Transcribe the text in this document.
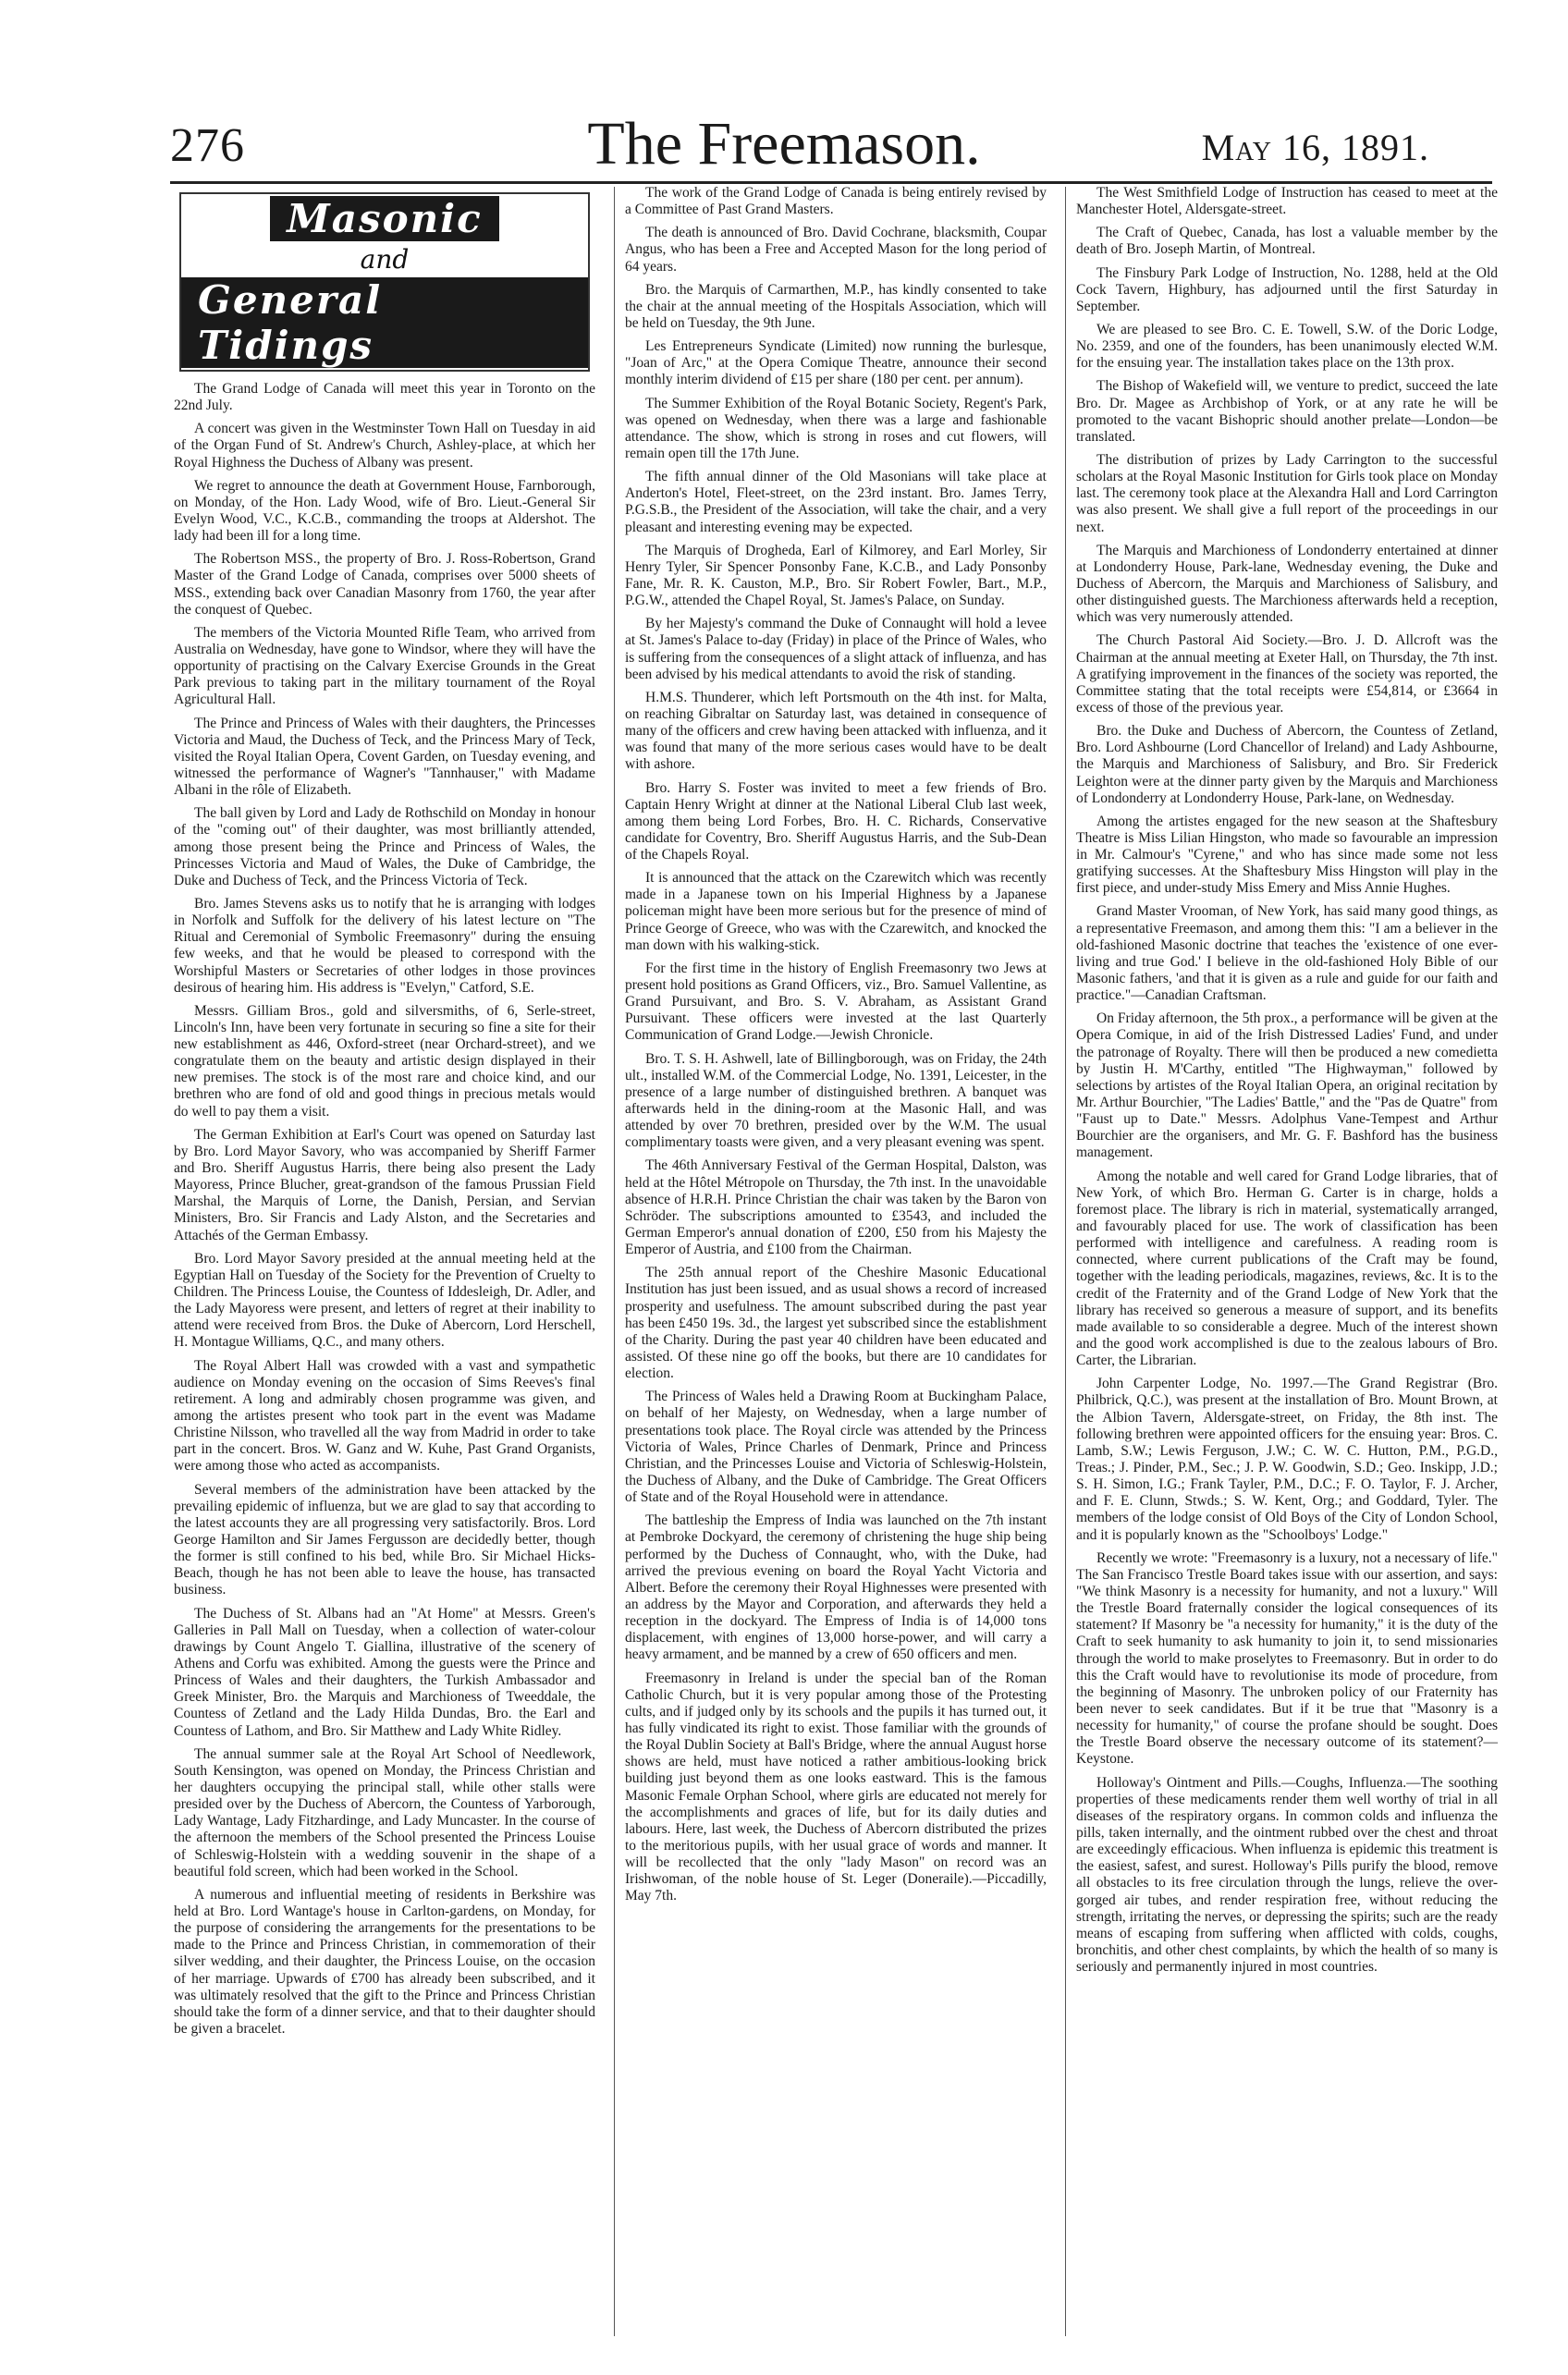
276	The Freemason.	May 16, 1891.
Masonic
and
General Tidings

The Grand Lodge of Canada will meet this year in Toronto on the 22nd July.

A concert was given in the Westminster Town Hall on Tuesday in aid of the Organ Fund of St. Andrew's Church, Ashley-place, at which her Royal Highness the Duchess of Albany was present.

We regret to announce the death at Government House, Farnborough, on Monday, of the Hon. Lady Wood, wife of Bro. Lieut.-General Sir Evelyn Wood, V.C., K.C.B., commanding the troops at Aldershot. The lady had been ill for a long time.

The Robertson MSS., the property of Bro. J. Ross-Robertson, Grand Master of the Grand Lodge of Canada, comprises over 5000 sheets of MSS., extending back over Canadian Masonry from 1760, the year after the conquest of Quebec.

The members of the Victoria Mounted Rifle Team, who arrived from Australia on Wednesday, have gone to Windsor, where they will have the opportunity of practising on the Calvary Exercise Grounds in the Great Park previous to taking part in the military tournament of the Royal Agricultural Hall.

The Prince and Princess of Wales with their daughters, the Princesses Victoria and Maud, the Duchess of Teck, and the Princess Mary of Teck, visited the Royal Italian Opera, Covent Garden, on Tuesday evening, and witnessed the performance of Wagner's "Tannhauser," with Madame Albani in the rôle of Elizabeth.

The ball given by Lord and Lady de Rothschild on Monday in honour of the "coming out" of their daughter, was most brilliantly attended, among those present being the Prince and Princess of Wales, the Princesses Victoria and Maud of Wales, the Duke of Cambridge, the Duke and Duchess of Teck, and the Princess Victoria of Teck.

Bro. James Stevens asks us to notify that he is arranging with lodges in Norfolk and Suffolk for the delivery of his latest lecture on "The Ritual and Ceremonial of Symbolic Freemasonry" during the ensuing few weeks, and that he would be pleased to correspond with the Worshipful Masters or Secretaries of other lodges in those provinces desirous of hearing him. His address is "Evelyn," Catford, S.E.

Messrs. Gilliam Bros., gold and silversmiths, of 6, Serle-street, Lincoln's Inn, have been very fortunate in securing so fine a site for their new establishment as 446, Oxford-street (near Orchard-street), and we congratulate them on the beauty and artistic design displayed in their new premises. The stock is of the most rare and choice kind, and our brethren who are fond of old and good things in precious metals would do well to pay them a visit.

The German Exhibition at Earl's Court was opened on Saturday last by Bro. Lord Mayor Savory, who was accompanied by Sheriff Farmer and Bro. Sheriff Augustus Harris, there being also present the Lady Mayoress, Prince Blucher, great-grandson of the famous Prussian Field Marshal, the Marquis of Lorne, the Danish, Persian, and Servian Ministers, Bro. Sir Francis and Lady Alston, and the Secretaries and Attachés of the German Embassy.

Bro. Lord Mayor Savory presided at the annual meeting held at the Egyptian Hall on Tuesday of the Society for the Prevention of Cruelty to Children. The Princess Louise, the Countess of Iddesleigh, Dr. Adler, and the Lady Mayoress were present, and letters of regret at their inability to attend were received from Bros. the Duke of Abercorn, Lord Herschell, H. Montague Williams, Q.C., and many others.

The Royal Albert Hall was crowded with a vast and sympathetic audience on Monday evening on the occasion of Sims Reeves's final retirement. A long and admirably chosen programme was given, and among the artistes present who took part in the event was Madame Christine Nilsson, who travelled all the way from Madrid in order to take part in the concert. Bros. W. Ganz and W. Kuhe, Past Grand Organists, were among those who acted as accompanists.

Several members of the administration have been attacked by the prevailing epidemic of influenza, but we are glad to say that according to the latest accounts they are all progressing very satisfactorily. Bros. Lord George Hamilton and Sir James Fergusson are decidedly better, though the former is still confined to his bed, while Bro. Sir Michael Hicks-Beach, though he has not been able to leave the house, has transacted business.

The Duchess of St. Albans had an "At Home" at Messrs. Green's Galleries in Pall Mall on Tuesday, when a collection of water-colour drawings by Count Angelo T. Giallina, illustrative of the scenery of Athens and Corfu was exhibited. Among the guests were the Prince and Princess of Wales and their daughters, the Turkish Ambassador and Greek Minister, Bro. the Marquis and Marchioness of Tweeddale, the Countess of Zetland and the Lady Hilda Dundas, Bro. the Earl and Countess of Lathom, and Bro. Sir Matthew and Lady White Ridley.

The annual summer sale at the Royal Art School of Needlework, South Kensington, was opened on Monday, the Princess Christian and her daughters occupying the principal stall, while other stalls were presided over by the Duchess of Abercorn, the Countess of Yarborough, Lady Wantage, Lady Fitzhardinge, and Lady Muncaster. In the course of the afternoon the members of the School presented the Princess Louise of Schleswig-Holstein with a wedding souvenir in the shape of a beautiful fold screen, which had been worked in the School.

A numerous and influential meeting of residents in Berkshire was held at Bro. Lord Wantage's house in Carlton-gardens, on Monday, for the purpose of considering the arrangements for the presentations to be made to the Prince and Princess Christian, in commemoration of their silver wedding, and their daughter, the Princess Louise, on the occasion of her marriage. Upwards of £700 has already been subscribed, and it was ultimately resolved that the gift to the Prince and Princess Christian should take the form of a dinner service, and that to their daughter should be given a bracelet.

The work of the Grand Lodge of Canada is being entirely revised by a Committee of Past Grand Masters.

The death is announced of Bro. David Cochrane, blacksmith, Coupar Angus, who has been a Free and Accepted Mason for the long period of 64 years.

Bro. the Marquis of Carmarthen, M.P., has kindly consented to take the chair at the annual meeting of the Hospitals Association, which will be held on Tuesday, the 9th June.

Les Entrepreneurs Syndicate (Limited) now running the burlesque, "Joan of Arc," at the Opera Comique Theatre, announce their second monthly interim dividend of £15 per share (180 per cent. per annum).

The Summer Exhibition of the Royal Botanic Society, Regent's Park, was opened on Wednesday, when there was a large and fashionable attendance. The show, which is strong in roses and cut flowers, will remain open till the 17th June.

The fifth annual dinner of the Old Masonians will take place at Anderton's Hotel, Fleet-street, on the 23rd instant. Bro. James Terry, P.G.S.B., the President of the Association, will take the chair, and a very pleasant and interesting evening may be expected.

The Marquis of Drogheda, Earl of Kilmorey, and Earl Morley, Sir Henry Tyler, Sir Spencer Ponsonby Fane, K.C.B., and Lady Ponsonby Fane, Mr. R. K. Causton, M.P., Bro. Sir Robert Fowler, Bart., M.P., P.G.W., attended the Chapel Royal, St. James's Palace, on Sunday.

By her Majesty's command the Duke of Connaught will hold a levee at St. James's Palace to-day (Friday) in place of the Prince of Wales, who is suffering from the consequences of a slight attack of influenza, and has been advised by his medical attendants to avoid the risk of standing.

H.M.S. Thunderer, which left Portsmouth on the 4th inst. for Malta, on reaching Gibraltar on Saturday last, was detained in consequence of many of the officers and crew having been attacked with influenza, and it was found that many of the more serious cases would have to be dealt with ashore.

Bro. Harry S. Foster was invited to meet a few friends of Bro. Captain Henry Wright at dinner at the National Liberal Club last week, among them being Lord Forbes, Bro. H. C. Richards, Conservative candidate for Coventry, Bro. Sheriff Augustus Harris, and the Sub-Dean of the Chapels Royal.

It is announced that the attack on the Czarewitch which was recently made in a Japanese town on his Imperial Highness by a Japanese policeman might have been more serious but for the presence of mind of Prince George of Greece, who was with the Czarewitch, and knocked the man down with his walking-stick.

For the first time in the history of English Freemasonry two Jews at present hold positions as Grand Officers, viz., Bro. Samuel Vallentine, as Grand Pursuivant, and Bro. S. V. Abraham, as Assistant Grand Pursuivant. These officers were invested at the last Quarterly Communication of Grand Lodge.—Jewish Chronicle.

Bro. T. S. H. Ashwell, late of Billingborough, was on Friday, the 24th ult., installed W.M. of the Commercial Lodge, No. 1391, Leicester, in the presence of a large number of distinguished brethren. A banquet was afterwards held in the dining-room at the Masonic Hall, and was attended by over 70 brethren, presided over by the W.M. The usual complimentary toasts were given, and a very pleasant evening was spent.

The 46th Anniversary Festival of the German Hospital, Dalston, was held at the Hôtel Métropole on Thursday, the 7th inst. In the unavoidable absence of H.R.H. Prince Christian the chair was taken by the Baron von Schröder. The subscriptions amounted to £3543, and included the German Emperor's annual donation of £200, £50 from his Majesty the Emperor of Austria, and £100 from the Chairman.

The 25th annual report of the Cheshire Masonic Educational Institution has just been issued, and as usual shows a record of increased prosperity and usefulness. The amount subscribed during the past year has been £450 19s. 3d., the largest yet subscribed since the establishment of the Charity. During the past year 40 children have been educated and assisted. Of these nine go off the books, but there are 10 candidates for election.

The Princess of Wales held a Drawing Room at Buckingham Palace, on behalf of her Majesty, on Wednesday, when a large number of presentations took place. The Royal circle was attended by the Princess Victoria of Wales, Prince Charles of Denmark, Prince and Princess Christian, and the Princesses Louise and Victoria of Schleswig-Holstein, the Duchess of Albany, and the Duke of Cambridge. The Great Officers of State and of the Royal Household were in attendance.

The battleship the Empress of India was launched on the 7th instant at Pembroke Dockyard, the ceremony of christening the huge ship being performed by the Duchess of Connaught, who, with the Duke, had arrived the previous evening on board the Royal Yacht Victoria and Albert. Before the ceremony their Royal Highnesses were presented with an address by the Mayor and Corporation, and afterwards they held a reception in the dockyard. The Empress of India is of 14,000 tons displacement, with engines of 13,000 horse-power, and will carry a heavy armament, and be manned by a crew of 650 officers and men.

Freemasonry in Ireland is under the special ban of the Roman Catholic Church, but it is very popular among those of the Protesting cults, and if judged only by its schools and the pupils it has turned out, it has fully vindicated its right to exist. Those familiar with the grounds of the Royal Dublin Society at Ball's Bridge, where the annual August horse shows are held, must have noticed a rather ambitious-looking brick building just beyond them as one looks eastward. This is the famous Masonic Female Orphan School, where girls are educated not merely for the accomplishments and graces of life, but for its daily duties and labours. Here, last week, the Duchess of Abercorn distributed the prizes to the meritorious pupils, with her usual grace of words and manner. It will be recollected that the only "lady Mason" on record was an Irishwoman, of the noble house of St. Leger (Doneraile).—Piccadilly, May 7th.

The West Smithfield Lodge of Instruction has ceased to meet at the Manchester Hotel, Aldersgate-street.

The Craft of Quebec, Canada, has lost a valuable member by the death of Bro. Joseph Martin, of Montreal.

The Finsbury Park Lodge of Instruction, No. 1288, held at the Old Cock Tavern, Highbury, has adjourned until the first Saturday in September.

We are pleased to see Bro. C. E. Towell, S.W. of the Doric Lodge, No. 2359, and one of the founders, has been unanimously elected W.M. for the ensuing year. The installation takes place on the 13th prox.

The Bishop of Wakefield will, we venture to predict, succeed the late Bro. Dr. Magee as Archbishop of York, or at any rate he will be promoted to the vacant Bishopric should another prelate—London—be translated.

The distribution of prizes by Lady Carrington to the successful scholars at the Royal Masonic Institution for Girls took place on Monday last. The ceremony took place at the Alexandra Hall and Lord Carrington was also present. We shall give a full report of the proceedings in our next.

The Marquis and Marchioness of Londonderry entertained at dinner at Londonderry House, Park-lane, Wednesday evening, the Duke and Duchess of Abercorn, the Marquis and Marchioness of Salisbury, and other distinguished guests. The Marchioness afterwards held a reception, which was very numerously attended.

The Church Pastoral Aid Society.—Bro. J. D. Allcroft was the Chairman at the annual meeting at Exeter Hall, on Thursday, the 7th inst. A gratifying improvement in the finances of the society was reported, the Committee stating that the total receipts were £54,814, or £3664 in excess of those of the previous year.

Bro. the Duke and Duchess of Abercorn, the Countess of Zetland, Bro. Lord Ashbourne (Lord Chancellor of Ireland) and Lady Ashbourne, the Marquis and Marchioness of Salisbury, and Bro. Sir Frederick Leighton were at the dinner party given by the Marquis and Marchioness of Londonderry at Londonderry House, Park-lane, on Wednesday.

Among the artistes engaged for the new season at the Shaftesbury Theatre is Miss Lilian Hingston, who made so favourable an impression in Mr. Calmour's "Cyrene," and who has since made some not less gratifying successes. At the Shaftesbury Miss Hingston will play in the first piece, and under-study Miss Emery and Miss Annie Hughes.

Grand Master Vrooman, of New York, has said many good things, as a representative Freemason, and among them this: "I am a believer in the old-fashioned Masonic doctrine that teaches the 'existence of one ever-living and true God.' I believe in the old-fashioned Holy Bible of our Masonic fathers, 'and that it is given as a rule and guide for our faith and practice."—Canadian Craftsman.

On Friday afternoon, the 5th prox., a performance will be given at the Opera Comique, in aid of the Irish Distressed Ladies' Fund, and under the patronage of Royalty. There will then be produced a new comedietta by Justin H. M'Carthy, entitled "The Highwayman," followed by selections by artistes of the Royal Italian Opera, an original recitation by Mr. Arthur Bourchier, "The Ladies' Battle," and the "Pas de Quatre" from "Faust up to Date." Messrs. Adolphus Vane-Tempest and Arthur Bourchier are the organisers, and Mr. G. F. Bashford has the business management.

Among the notable and well cared for Grand Lodge libraries, that of New York, of which Bro. Herman G. Carter is in charge, holds a foremost place. The library is rich in material, systematically arranged, and favourably placed for use. The work of classification has been performed with intelligence and carefulness. A reading room is connected, where current publications of the Craft may be found, together with the leading periodicals, magazines, reviews, &c. It is to the credit of the Fraternity and of the Grand Lodge of New York that the library has received so generous a measure of support, and its benefits made available to so considerable a degree. Much of the interest shown and the good work accomplished is due to the zealous labours of Bro. Carter, the Librarian.

John Carpenter Lodge, No. 1997.—The Grand Registrar (Bro. Philbrick, Q.C.), was present at the installation of Bro. Mount Brown, at the Albion Tavern, Aldersgate-street, on Friday, the 8th inst. The following brethren were appointed officers for the ensuing year: Bros. C. Lamb, S.W.; Lewis Ferguson, J.W.; C. W. C. Hutton, P.M., P.G.D., Treas.; J. Pinder, P.M., Sec.; J. P. W. Goodwin, S.D.; Geo. Inskipp, J.D.; S. H. Simon, I.G.; Frank Tayler, P.M., D.C.; F. O. Taylor, F. J. Archer, and F. E. Clunn, Stwds.; S. W. Kent, Org.; and Goddard, Tyler. The members of the lodge consist of Old Boys of the City of London School, and it is popularly known as the "Schoolboys' Lodge."

Recently we wrote: "Freemasonry is a luxury, not a necessary of life." The San Francisco Trestle Board takes issue with our assertion, and says: "We think Masonry is a necessity for humanity, and not a luxury." Will the Trestle Board fraternally consider the logical consequences of its statement? If Masonry be "a necessity for humanity," it is the duty of the Craft to seek humanity to ask humanity to join it, to send missionaries through the world to make proselytes to Freemasonry. But in order to do this the Craft would have to revolutionise its mode of procedure, from the beginning of Masonry. The unbroken policy of our Fraternity has been never to seek candidates. But if it be true that "Masonry is a necessity for humanity," of course the profane should be sought. Does the Trestle Board observe the necessary outcome of its statement?—Keystone.

Holloway's Ointment and Pills.—Coughs, Influenza.—The soothing properties of these medicaments render them well worthy of trial in all diseases of the respiratory organs. In common colds and influenza the pills, taken internally, and the ointment rubbed over the chest and throat are exceedingly efficacious. When influenza is epidemic this treatment is the easiest, safest, and surest. Holloway's Pills purify the blood, remove all obstacles to its free circulation through the lungs, relieve the over-gorged air tubes, and render respiration free, without reducing the strength, irritating the nerves, or depressing the spirits; such are the ready means of escaping from suffering when afflicted with colds, coughs, bronchitis, and other chest complaints, by which the health of so many is seriously and permanently injured in most countries.
